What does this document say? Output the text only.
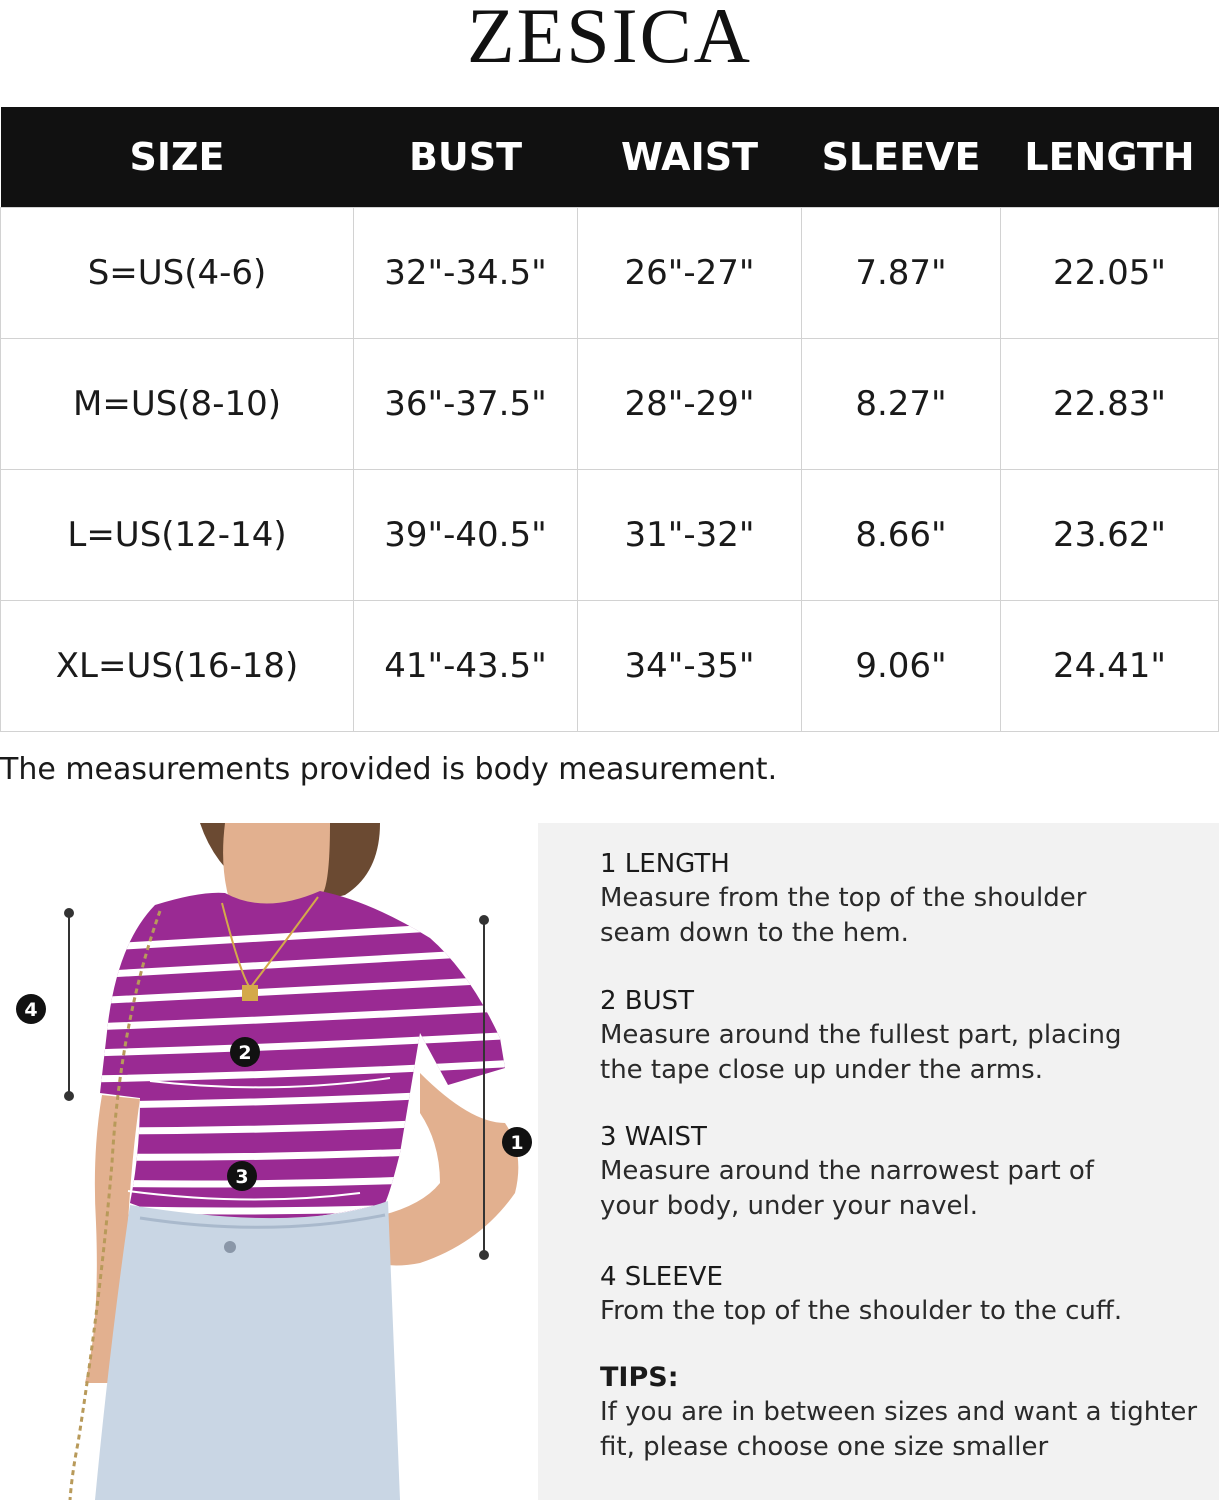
ZESICA
SIZE	BUST	WAIST	SLEEVE	LENGTH
S=US(4-6)	32"-34.5"	26"-27"	7.87"	22.05"
M=US(8-10)	36"-37.5"	28"-29"	8.27"	22.83"
L=US(12-14)	39"-40.5"	31"-32"	8.66"	23.62"
XL=US(16-18)	41"-43.5"	34"-35"	9.06"	24.41"
The measurements provided is body measurement.
1
2
3
4
1 LENGTH
Measure from the top of the shoulder
seam down to the hem.
2 BUST
Measure around the fullest part, placing
the tape close up under the arms.
3 WAIST
Measure around the narrowest part of
your body, under your navel.
4 SLEEVE
From the top of the shoulder to the cuff.
TIPS:
If you are in between sizes and want a tighter
fit, please choose one size smaller
